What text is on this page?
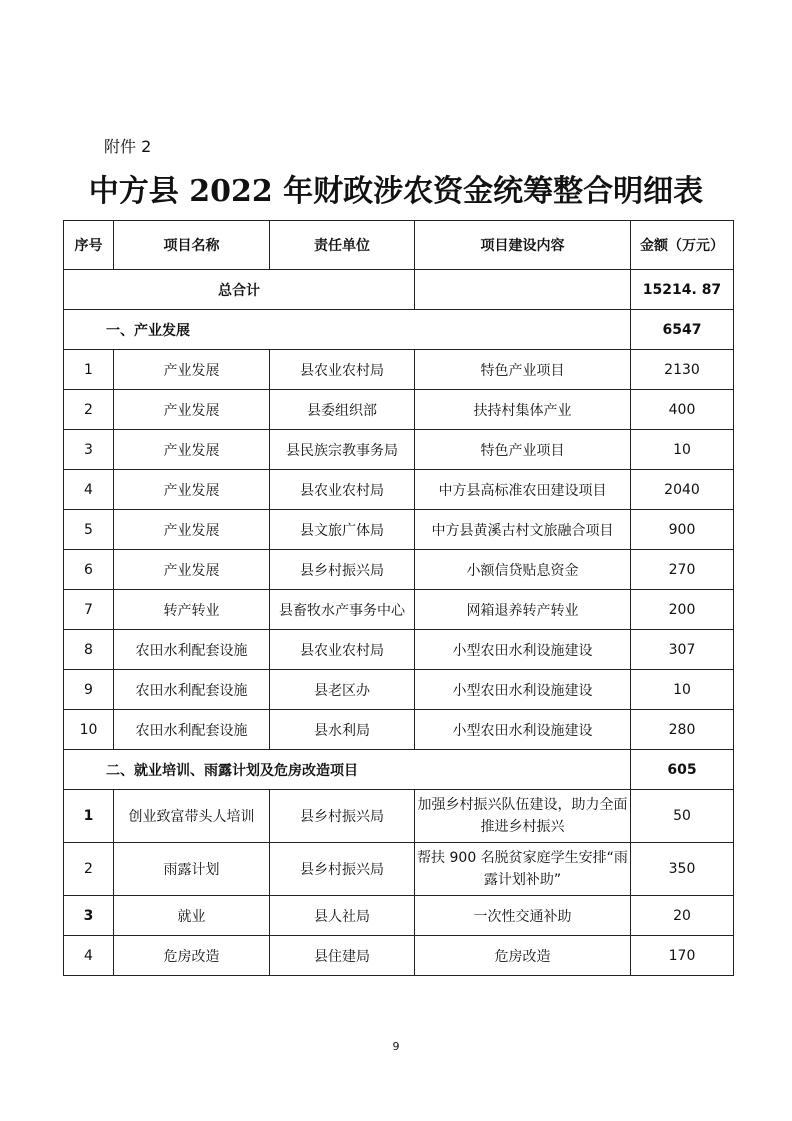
附件 2
中方县 2022 年财政涉农资金统筹整合明细表
序号	项目名称	责任单位	项目建设内容	金额（万元）
总合计				15214. 87
一、产业发展				6547
1	产业发展	县农业农村局	特色产业项目	2130
2	产业发展	县委组织部	扶持村集体产业	400
3	产业发展	县民族宗教事务局	特色产业项目	10
4	产业发展	县农业农村局	中方县高标准农田建设项目	2040
5	产业发展	县文旅广体局	中方县黄溪古村文旅融合项目	900
6	产业发展	县乡村振兴局	小额信贷贴息资金	270
7	转产转业	县畜牧水产事务中心	网箱退养转产转业	200
8	农田水利配套设施	县农业农村局	小型农田水利设施建设	307
9	农田水利配套设施	县老区办	小型农田水利设施建设	10
10	农田水利配套设施	县水利局	小型农田水利设施建设	280
二、就业培训、雨露计划及危房改造项目				605
1	创业致富带头人培训	县乡村振兴局	加强乡村振兴队伍建设，助力全面推进乡村振兴	50
2	雨露计划	县乡村振兴局	帮扶 900 名脱贫家庭学生安排“雨露计划补助”	350
3	就业	县人社局	一次性交通补助	20
4	危房改造	县住建局	危房改造	170
9
